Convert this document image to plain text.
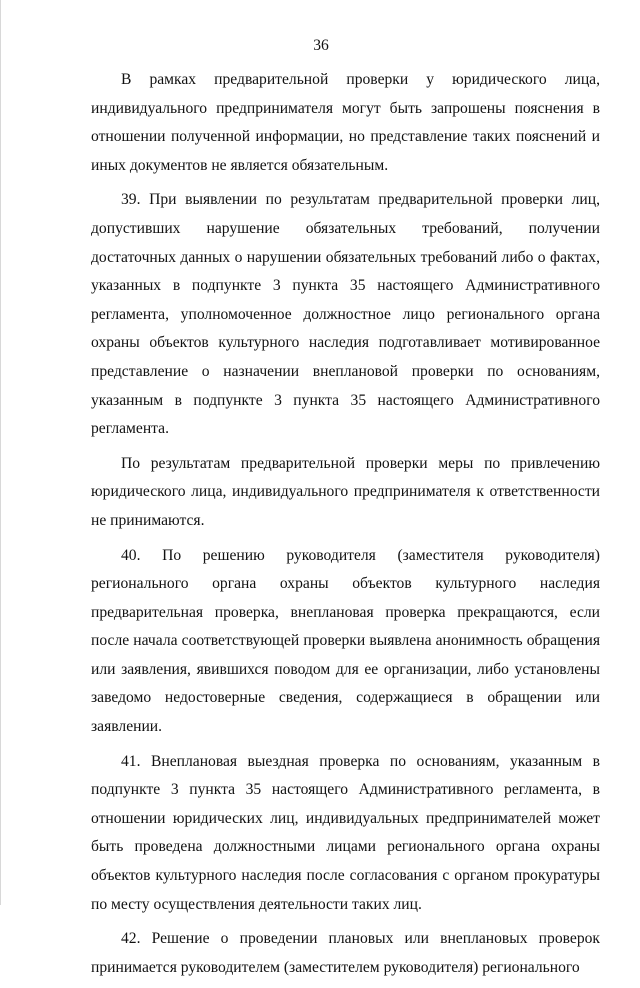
36

В рамках предварительной проверки у юридического лица, индивидуального предпринимателя могут быть запрошены пояснения в отношении полученной информации, но представление таких пояснений и иных документов не является обязательным.

39. При выявлении по результатам предварительной проверки лиц, допустивших нарушение обязательных требований, получении достаточных данных о нарушении обязательных требований либо о фактах, указанных в подпункте 3 пункта 35 настоящего Административного регламента, уполномоченное должностное лицо регионального органа охраны объектов культурного наследия подготавливает мотивированное представление о назначении внеплановой проверки по основаниям, указанным в подпункте 3 пункта 35 настоящего Административного регламента.

По результатам предварительной проверки меры по привлечению юридического лица, индивидуального предпринимателя к ответственности не принимаются.

40. По решению руководителя (заместителя руководителя) регионального органа охраны объектов культурного наследия предварительная проверка, внеплановая проверка прекращаются, если после начала соответствующей проверки выявлена анонимность обращения или заявления, явившихся поводом для ее организации, либо установлены заведомо недостоверные сведения, содержащиеся в обращении или заявлении.

41. Внеплановая выездная проверка по основаниям, указанным в подпункте 3 пункта 35 настоящего Административного регламента, в отношении юридических лиц, индивидуальных предпринимателей может быть проведена должностными лицами регионального органа охраны объектов культурного наследия после согласования с органом прокуратуры по месту осуществления деятельности таких лиц.

42. Решение о проведении плановых или внеплановых проверок принимается руководителем (заместителем руководителя) регионального
